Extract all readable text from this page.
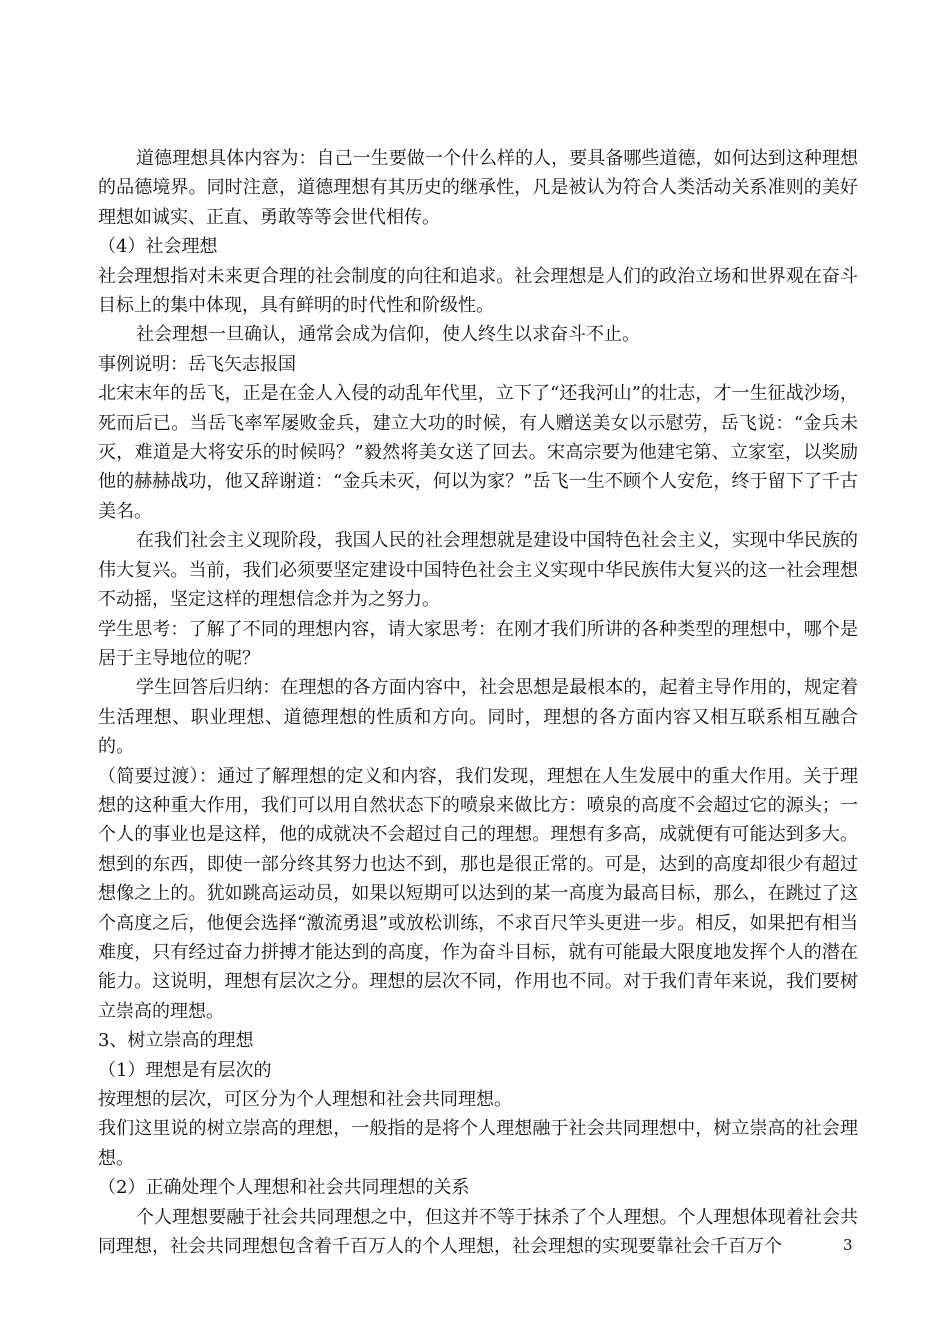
道德理想具体内容为：自己一生要做一个什么样的人，要具备哪些道德，如何达到这种理想的品德境界。同时注意，道德理想有其历史的继承性，凡是被认为符合人类活动关系准则的美好理想如诚实、正直、勇敢等等会世代相传。

（4）社会理想

社会理想指对未来更合理的社会制度的向往和追求。社会理想是人们的政治立场和世界观在奋斗目标上的集中体现，具有鲜明的时代性和阶级性。

社会理想一旦确认，通常会成为信仰，使人终生以求奋斗不止。

事例说明：岳飞矢志报国

北宋末年的岳飞，正是在金人入侵的动乱年代里，立下了“还我河山”的壮志，才一生征战沙场，死而后已。当岳飞率军屡败金兵，建立大功的时候，有人赠送美女以示慰劳，岳飞说：“金兵未灭，难道是大将安乐的时候吗？”毅然将美女送了回去。宋高宗要为他建宅第、立家室，以奖励他的赫赫战功，他又辞谢道：“金兵未灭，何以为家？”岳飞一生不顾个人安危，终于留下了千古美名。

在我们社会主义现阶段，我国人民的社会理想就是建设中国特色社会主义，实现中华民族的伟大复兴。当前，我们必须要坚定建设中国特色社会主义实现中华民族伟大复兴的这一社会理想不动摇，坚定这样的理想信念并为之努力。

学生思考：了解了不同的理想内容，请大家思考：在刚才我们所讲的各种类型的理想中，哪个是居于主导地位的呢？

学生回答后归纳：在理想的各方面内容中，社会思想是最根本的，起着主导作用的，规定着生活理想、职业理想、道德理想的性质和方向。同时，理想的各方面内容又相互联系相互融合的。

（简要过渡）：通过了解理想的定义和内容，我们发现，理想在人生发展中的重大作用。关于理想的这种重大作用，我们可以用自然状态下的喷泉来做比方：喷泉的高度不会超过它的源头；一个人的事业也是这样，他的成就决不会超过自己的理想。理想有多高，成就便有可能达到多大。想到的东西，即使一部分终其努力也达不到，那也是很正常的。可是，达到的高度却很少有超过想像之上的。犹如跳高运动员，如果以短期可以达到的某一高度为最高目标，那么，在跳过了这个高度之后，他便会选择“激流勇退”或放松训练，不求百尺竿头更进一步。相反，如果把有相当难度，只有经过奋力拼搏才能达到的高度，作为奋斗目标，就有可能最大限度地发挥个人的潜在能力。这说明，理想有层次之分。理想的层次不同，作用也不同。对于我们青年来说，我们要树立崇高的理想。

3、树立崇高的理想

（1）理想是有层次的

按理想的层次，可区分为个人理想和社会共同理想。

我们这里说的树立崇高的理想，一般指的是将个人理想融于社会共同理想中，树立崇高的社会理想。

（2）正确处理个人理想和社会共同理想的关系

个人理想要融于社会共同理想之中，但这并不等于抹杀了个人理想。个人理想体现着社会共同理想，社会共同理想包含着千百万人的个人理想，社会理想的实现要靠社会千百万个	3
